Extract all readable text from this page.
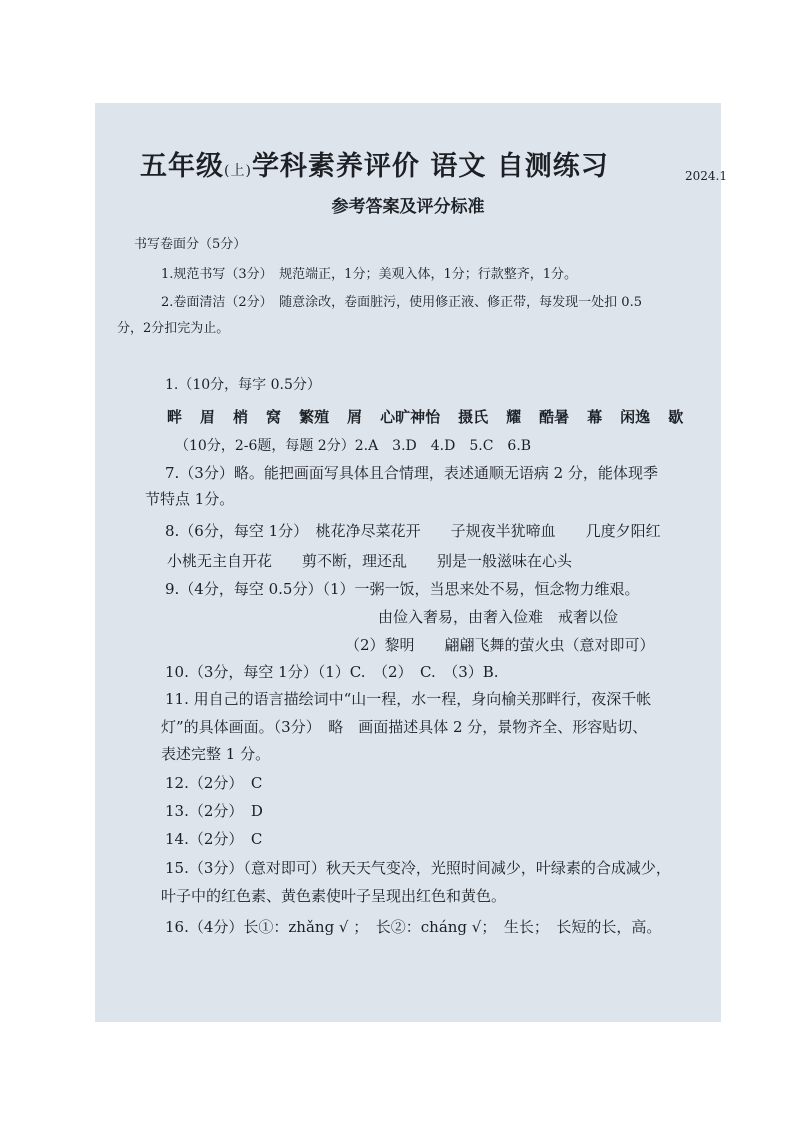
五年级(上)学科素养评价 语文 自测练习	2024.1
参考答案及评分标准
书写卷面分（5分）
1.规范书写（3分）　规范端正，1分；美观入体，1分；行款整齐，1分。
2.卷面清洁（2分）　随意涂改，卷面脏污，使用修正液、修正带，每发现一处扣 0.5
分，2分扣完为止。
1.（10分，每字 0.5分）
畔 眉 梢 窝 繁殖 屑 心旷神怡 摄氏 耀 酷暑 幕 闲逸 歇
（10分，2-6题，每题 2分）2.A　3.D　4.D　5.C　6.B
7.（3分）略。能把画面写具体且合情理，表述通顺无语病 2 分，能体现季
节特点 1分。
8.（6分，每空 1分）　桃花净尽菜花开　　子规夜半犹啼血　　几度夕阳红
小桃无主自开花　　剪不断，理还乱　　别是一般滋味在心头
9.（4分，每空 0.5分）（1）一粥一饭，当思来处不易，恒念物力维艰。
由俭入奢易，由奢入俭难　戒奢以俭
（2）黎明　　翩翩飞舞的萤火虫（意对即可）
10.（3分，每空 1分）（1）C.　（2）　C.　（3）B.
11. 用自己的语言描绘词中“山一程，水一程，身向榆关那畔行，夜深千帐
灯”的具体画面。（3分）　略　画面描述具体 2 分，景物齐全、形容贴切、
表述完整 1 分。
12.（2分）　C
13.（2分）　D
14.（2分）　C
15.（3分）（意对即可）秋天天气变冷，光照时间减少，叶绿素的合成减少，
叶子中的红色素、黄色素使叶子呈现出红色和黄色。
16.（4分）长①：zhǎng √ ；　长②：cháng √；　生长；　长短的长，高。
